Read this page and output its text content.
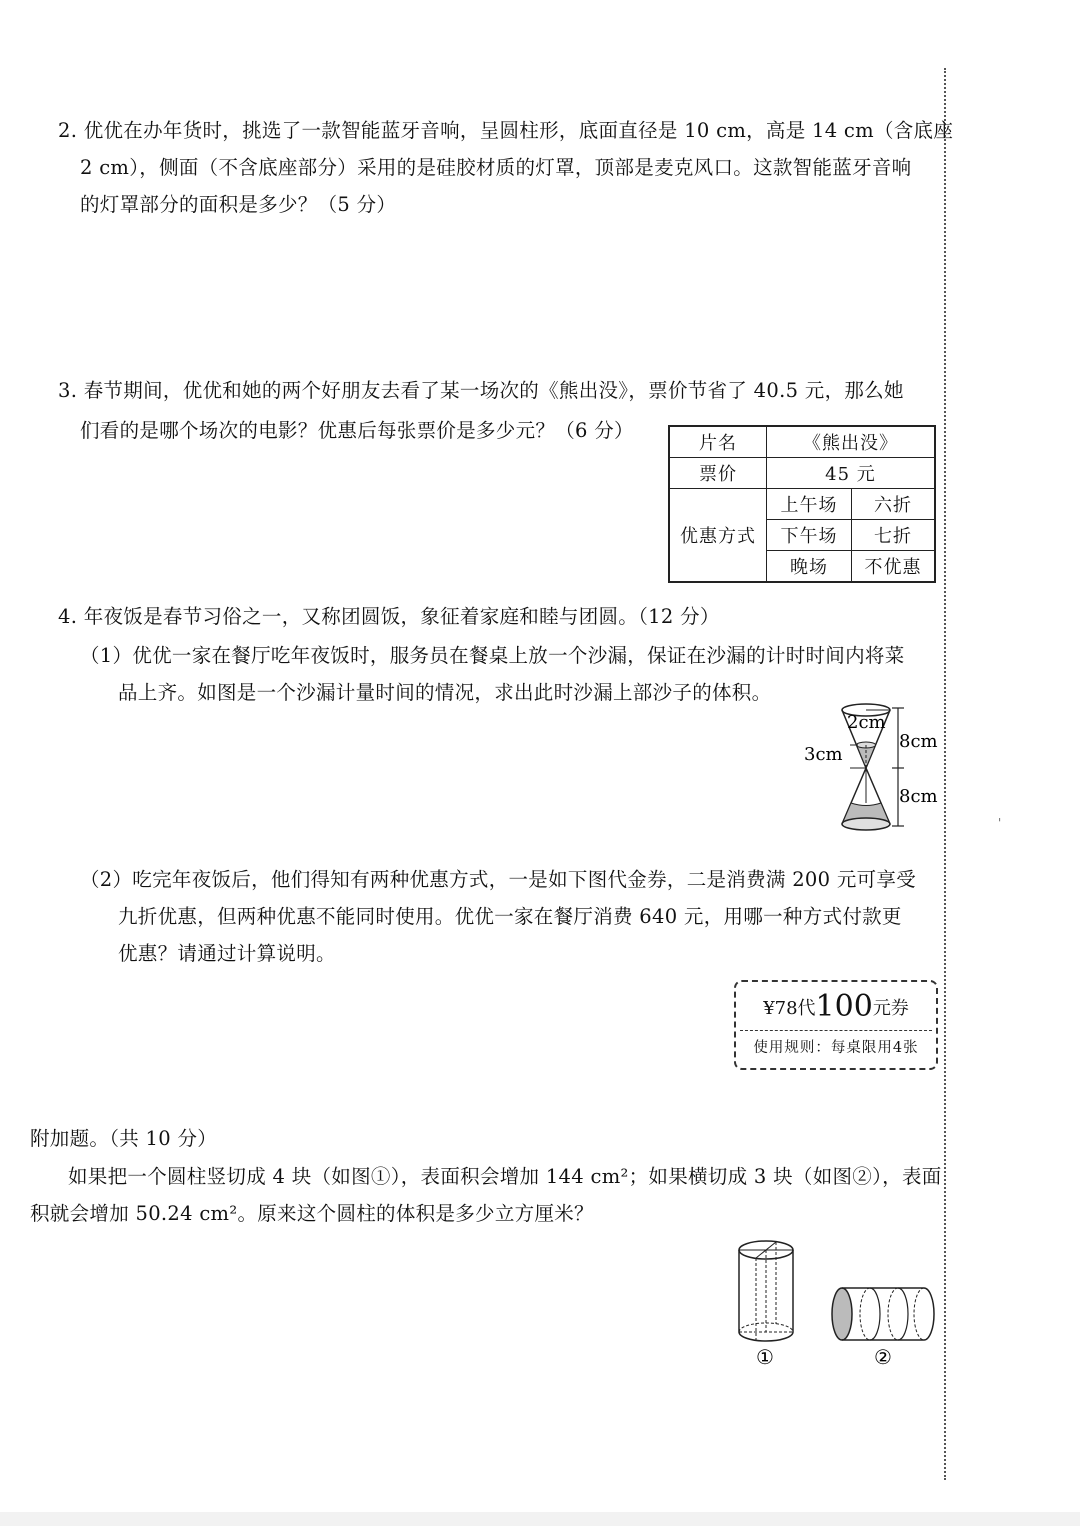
'
2. 优优在办年货时，挑选了一款智能蓝牙音响，呈圆柱形，底面直径是 10 cm，高是 14 cm（含底座
2 cm），侧面（不含底座部分）采用的是硅胶材质的灯罩，顶部是麦克风口。这款智能蓝牙音响
的灯罩部分的面积是多少？（5 分）
3. 春节期间，优优和她的两个好朋友去看了某一场次的《熊出没》，票价节省了 40.5 元，那么她
们看的是哪个场次的电影？优惠后每张票价是多少元？（6 分）
片名	《熊出没》	
票价	45 元	
优惠方式	上午场	六折
	下午场	七折
	晚场	不优惠
4. 年夜饭是春节习俗之一，又称团圆饭，象征着家庭和睦与团圆。（12 分）
（1）优优一家在餐厅吃年夜饭时，服务员在餐桌上放一个沙漏，保证在沙漏的计时时间内将菜
品上齐。如图是一个沙漏计量时间的情况，求出此时沙漏上部沙子的体积。
2cm
3cm
8cm
8cm
（2）吃完年夜饭后，他们得知有两种优惠方式，一是如下图代金券，二是消费满 200 元可享受
九折优惠，但两种优惠不能同时使用。优优一家在餐厅消费 640 元，用哪一种方式付款更
优惠？请通过计算说明。
¥78代100元券
使用规则：每桌限用4张
附加题。（共 10 分）
如果把一个圆柱竖切成 4 块（如图①），表面积会增加 144 cm²；如果横切成 3 块（如图②），表面
积就会增加 50.24 cm²。原来这个圆柱的体积是多少立方厘米？
①	②
